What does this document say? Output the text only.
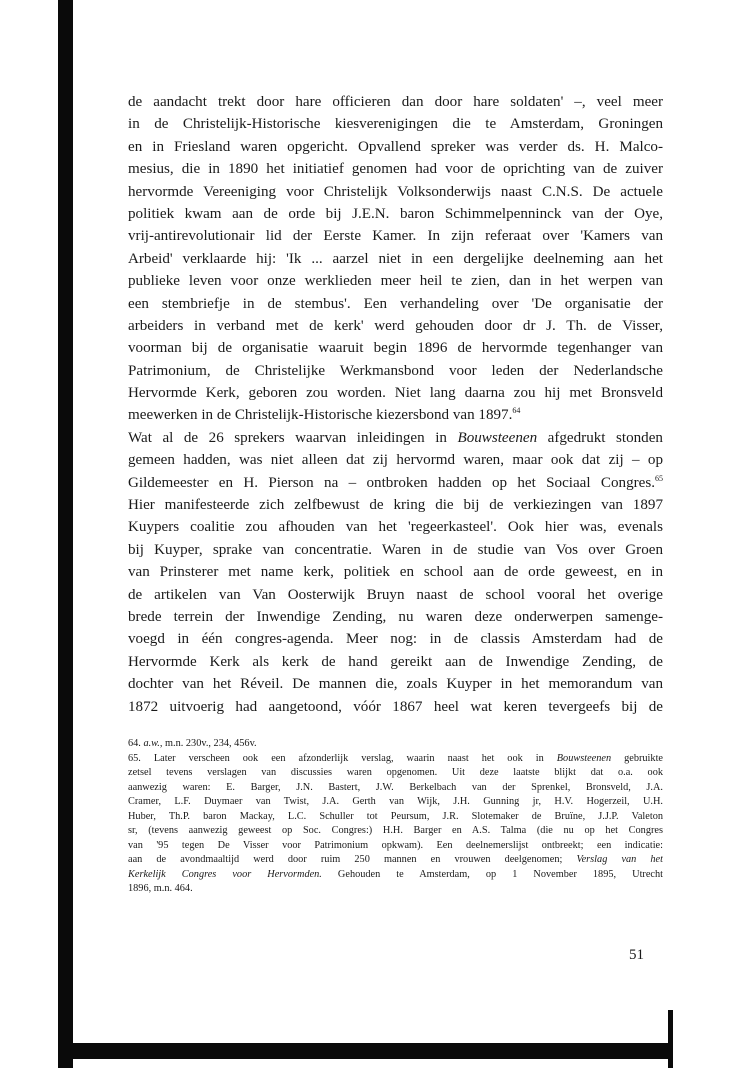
de aandacht trekt door hare officieren dan door hare soldaten' –, veel meer
in de Christelijk-Historische kiesverenigingen die te Amsterdam, Groningen
en in Friesland waren opgericht. Opvallend spreker was verder ds. H. Malco-
mesius, die in 1890 het initiatief genomen had voor de oprichting van de zuiver
hervormde Vereeniging voor Christelijk Volksonderwijs naast C.N.S. De actuele
politiek kwam aan de orde bij J.E.N. baron Schimmelpenninck van der Oye,
vrij-antirevolutionair lid der Eerste Kamer. In zijn referaat over 'Kamers van
Arbeid' verklaarde hij: 'Ik ... aarzel niet in een dergelijke deelneming aan het
publieke leven voor onze werklieden meer heil te zien, dan in het werpen van
een stembriefje in de stembus'. Een verhandeling over 'De organisatie der
arbeiders in verband met de kerk' werd gehouden door dr J. Th. de Visser,
voorman bij de organisatie waaruit begin 1896 de hervormde tegenhanger van
Patrimonium, de Christelijke Werkmansbond voor leden der Nederlandsche
Hervormde Kerk, geboren zou worden. Niet lang daarna zou hij met Bronsveld
meewerken in de Christelijk-Historische kiezersbond van 1897.64
Wat al de 26 sprekers waarvan inleidingen in Bouwsteenen afgedrukt stonden
gemeen hadden, was niet alleen dat zij hervormd waren, maar ook dat zij – op
Gildemeester en H. Pierson na – ontbroken hadden op het Sociaal Congres.$^{65}$
Hier manifesteerde zich zelfbewust de kring die bij de verkiezingen van 1897
Kuypers coalitie zou afhouden van het 'regeerkasteel'. Ook hier was, evenals
bij Kuyper, sprake van concentratie. Waren in de studie van Vos over Groen
van Prinsterer met name kerk, politiek en school aan de orde geweest, en in
de artikelen van Van Oosterwijk Bruyn naast de school vooral het overige
brede terrein der Inwendige Zending, nu waren deze onderwerpen samenge-
voegd in één congres-agenda. Meer nog: in de classis Amsterdam had de
Hervormde Kerk als kerk de hand gereikt aan de Inwendige Zending, de
dochter van het Réveil. De mannen die, zoals Kuyper in het memorandum van
1872 uitvoerig had aangetoond, vóór 1867 heel wat keren tevergeefs bij de
64. a.w., m.n. 230v., 234, 456v.
65. Later verscheen ook een afzonderlijk verslag, waarin naast het ook in Bouwsteenen gebruikte
zetsel tevens verslagen van discussies waren opgenomen. Uit deze laatste blijkt dat o.a. ook
aanwezig waren: E. Barger, J.N. Bastert, J.W. Berkelbach van der Sprenkel, Bronsveld, J.A.
Cramer, L.F. Duymaer van Twist, J.A. Gerth van Wijk, J.H. Gunning jr, H.V. Hogerzeil, U.H.
Huber, Th.P. baron Mackay, L.C. Schuller tot Peursum, J.R. Slotemaker de Bruïne, J.J.P. Valeton
sr, (tevens aanwezig geweest op Soc. Congres:) H.H. Barger en A.S. Talma (die nu op het Congres
van '95 tegen De Visser voor Patrimonium opkwam). Een deelnemerslijst ontbreekt; een indicatie:
aan de avondmaaltijd werd door ruim 250 mannen en vrouwen deelgenomen; Verslag van het
Kerkelijk Congres voor Hervormden. Gehouden te Amsterdam, op 1 November 1895, Utrecht
1896, m.n. 464.
51
